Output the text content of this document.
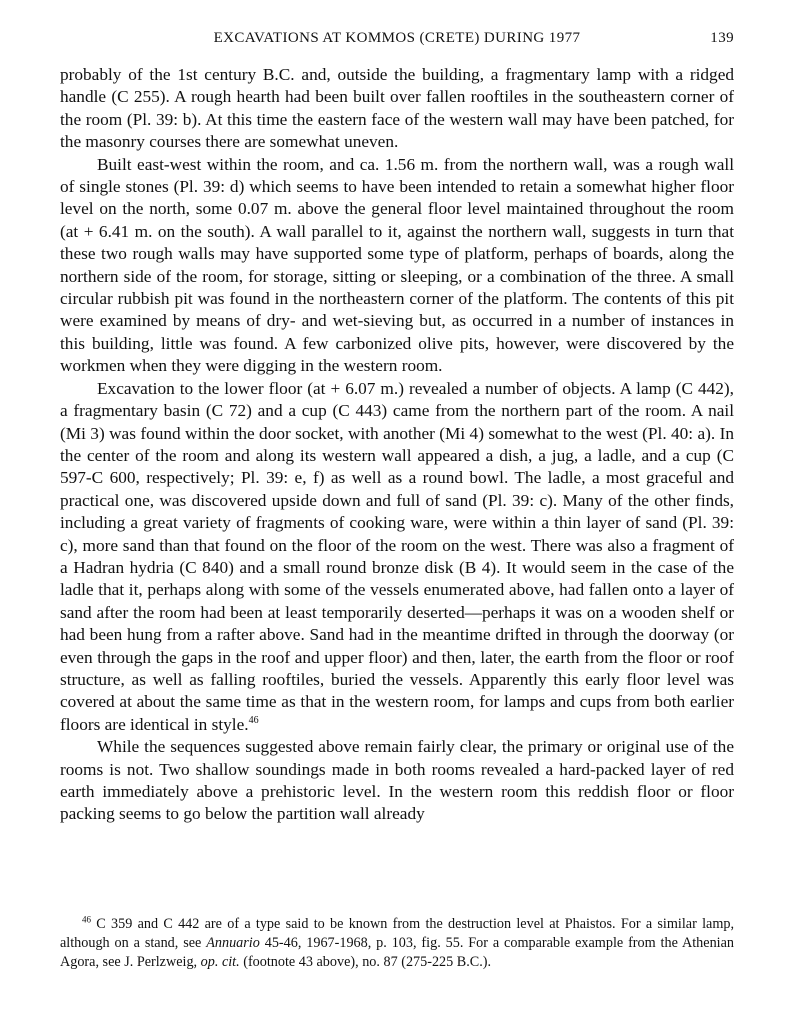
EXCAVATIONS AT KOMMOS (CRETE) DURING 1977	139

probably of the 1st century B.C. and, outside the building, a fragmentary lamp with a ridged handle (C 255). A rough hearth had been built over fallen rooftiles in the southeastern corner of the room (Pl. 39: b). At this time the eastern face of the western wall may have been patched, for the masonry courses there are somewhat uneven.

Built east-west within the room, and ca. 1.56 m. from the northern wall, was a rough wall of single stones (Pl. 39: d) which seems to have been intended to retain a somewhat higher floor level on the north, some 0.07 m. above the general floor level maintained throughout the room (at + 6.41 m. on the south). A wall parallel to it, against the northern wall, suggests in turn that these two rough walls may have supported some type of platform, perhaps of boards, along the northern side of the room, for storage, sitting or sleeping, or a combination of the three. A small circular rubbish pit was found in the northeastern corner of the platform. The contents of this pit were examined by means of dry- and wet-sieving but, as occurred in a number of instances in this building, little was found. A few carbonized olive pits, however, were discovered by the workmen when they were digging in the western room.

Excavation to the lower floor (at + 6.07 m.) revealed a number of objects. A lamp (C 442), a fragmentary basin (C 72) and a cup (C 443) came from the northern part of the room. A nail (Mi 3) was found within the door socket, with another (Mi 4) somewhat to the west (Pl. 40: a). In the center of the room and along its western wall appeared a dish, a jug, a ladle, and a cup (C 597-C 600, respectively; Pl. 39: e, f) as well as a round bowl. The ladle, a most graceful and practical one, was discovered upside down and full of sand (Pl. 39: c). Many of the other finds, including a great variety of fragments of cooking ware, were within a thin layer of sand (Pl. 39: c), more sand than that found on the floor of the room on the west. There was also a fragment of a Hadran hydria (C 840) and a small round bronze disk (B 4). It would seem in the case of the ladle that it, perhaps along with some of the vessels enumerated above, had fallen onto a layer of sand after the room had been at least temporarily deserted—perhaps it was on a wooden shelf or had been hung from a rafter above. Sand had in the meantime drifted in through the doorway (or even through the gaps in the roof and upper floor) and then, later, the earth from the floor or roof structure, as well as falling rooftiles, buried the vessels. Apparently this early floor level was covered at about the same time as that in the western room, for lamps and cups from both earlier floors are identical in style.$^{46}$

While the sequences suggested above remain fairly clear, the primary or original use of the rooms is not. Two shallow soundings made in both rooms revealed a hard-packed layer of red earth immediately above a prehistoric level. In the western room this reddish floor or floor packing seems to go below the partition wall already

$^{46}$ C 359 and C 442 are of a type said to be known from the destruction level at Phaistos. For a similar lamp, although on a stand, see Annuario 45-46, 1967-1968, p. 103, fig. 55. For a comparable example from the Athenian Agora, see J. Perlzweig, op. cit. (footnote 43 above), no. 87 (275-225 B.C.).
